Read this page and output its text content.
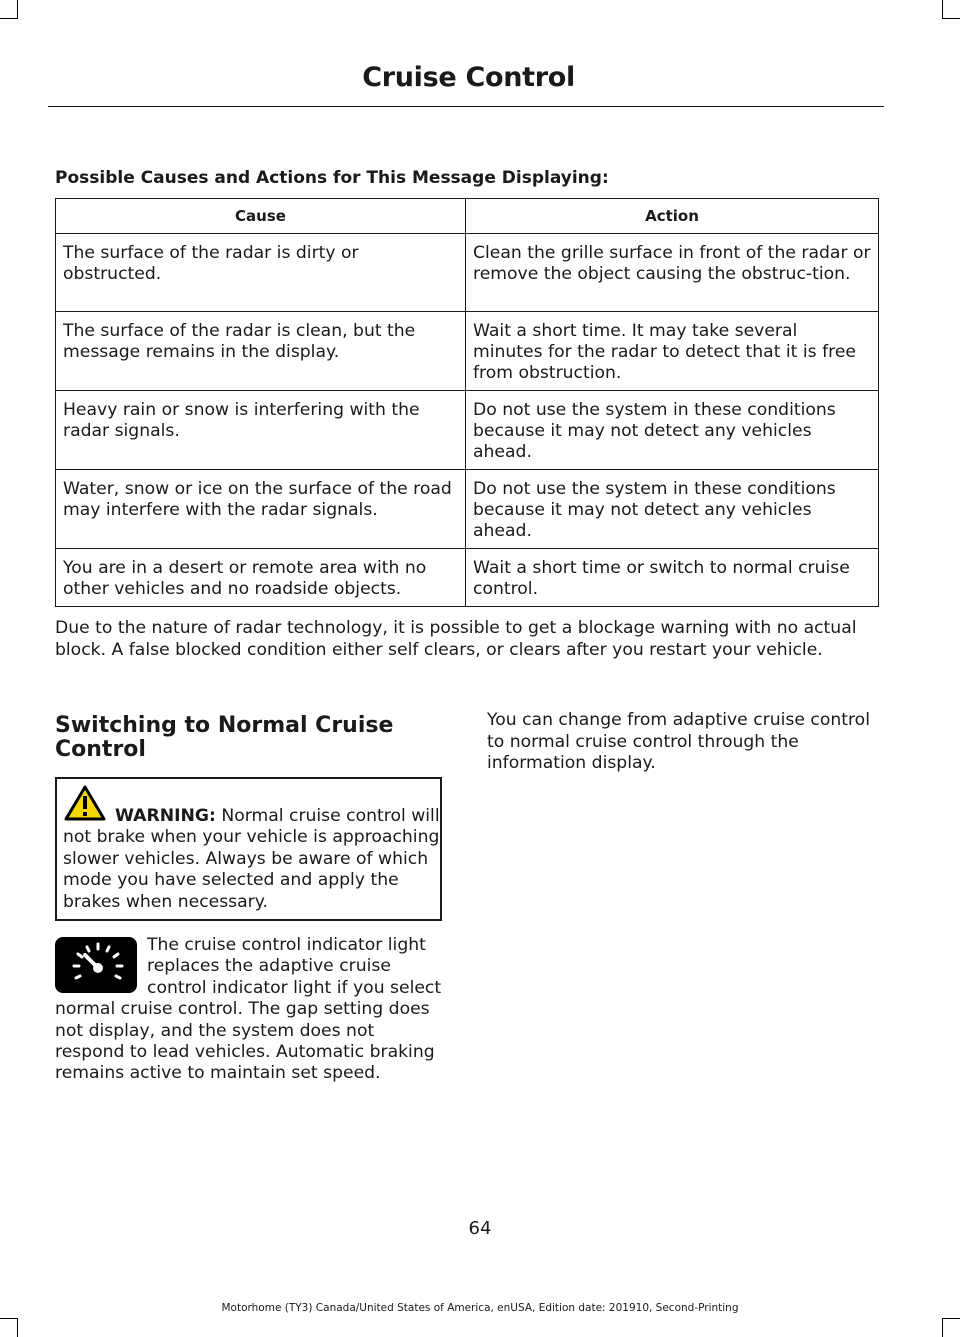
Cruise Control
Possible Causes and Actions for This Message Displaying:
Cause	Action
The surface of the radar is dirty or obstructed.	Clean the grille surface in front of the radar or remove the object causing the obstruc-tion.
The surface of the radar is clean, but the message remains in the display.	Wait a short time. It may take several minutes for the radar to detect that it is free from obstruction.
Heavy rain or snow is interfering with the radar signals.	Do not use the system in these conditions because it may not detect any vehicles ahead.
Water, snow or ice on the surface of the road may interfere with the radar signals.	Do not use the system in these conditions because it may not detect any vehicles ahead.
You are in a desert or remote area with no other vehicles and no roadside objects.	Wait a short time or switch to normal cruise control.

Due to the nature of radar technology, it is possible to get a blockage warning with no actual block. A false blocked condition either self clears, or clears after you restart your vehicle.

Switching to Normal Cruise Control

WARNING: Normal cruise control will not brake when your vehicle is approaching slower vehicles. Always be aware of which mode you have selected and apply the brakes when necessary.

The cruise control indicator light replaces the adaptive cruise control indicator light if you select normal cruise control. The gap setting does not display, and the system does not respond to lead vehicles. Automatic braking remains active to maintain set speed.

You can change from adaptive cruise control to normal cruise control through the information display.

64

Motorhome (TY3) Canada/United States of America, enUSA, Edition date: 201910, Second-Printing
